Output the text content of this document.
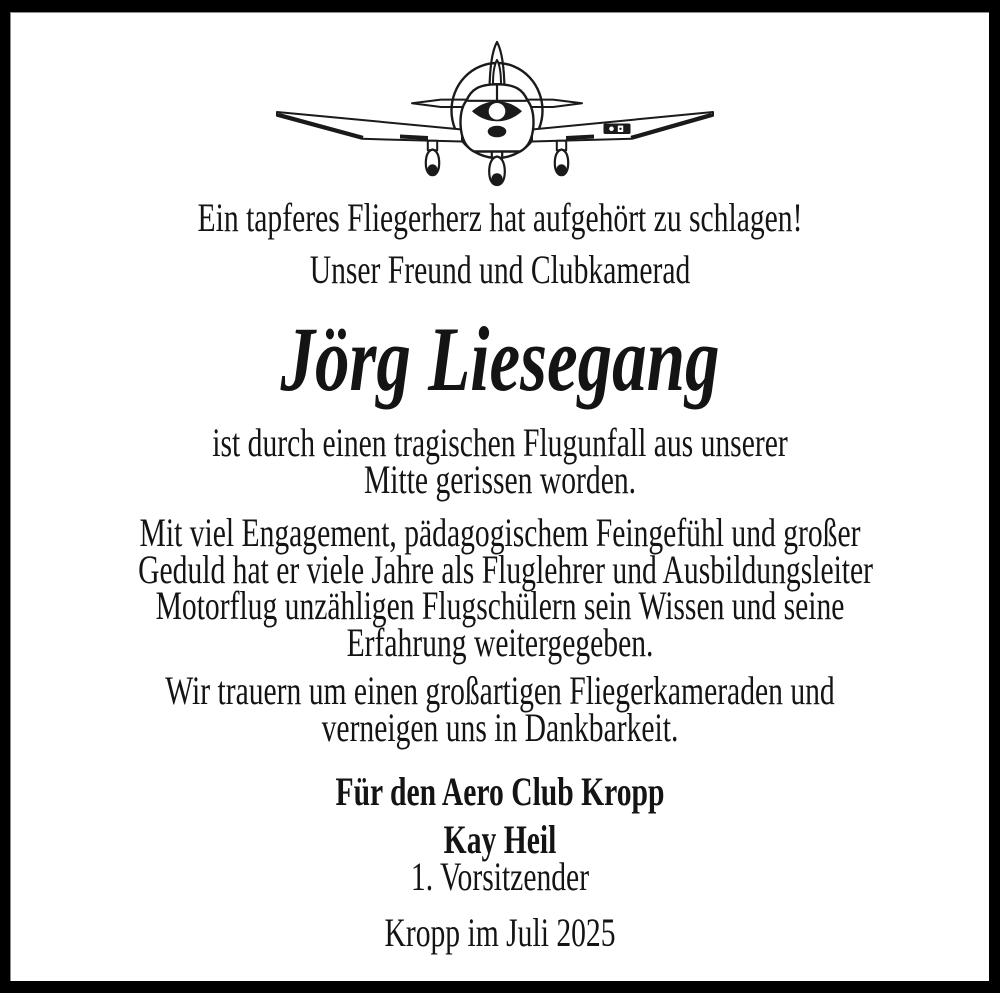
Ein tapferes Fliegerherz hat aufgehört zu schlagen!
Unser Freund und Clubkamerad
Jörg Liesegang
ist durch einen tragischen Flugunfall aus unserer
Mitte gerissen worden.
Mit viel Engagement, pädagogischem Feingefühl und großer
Geduld hat er viele Jahre als Fluglehrer und Ausbildungsleiter
Motorflug unzähligen Flugschülern sein Wissen und seine
Erfahrung weitergegeben.
Wir trauern um einen großartigen Fliegerkameraden und
verneigen uns in Dankbarkeit.
Für den Aero Club Kropp
Kay Heil
1. Vorsitzender
Kropp im Juli 2025
